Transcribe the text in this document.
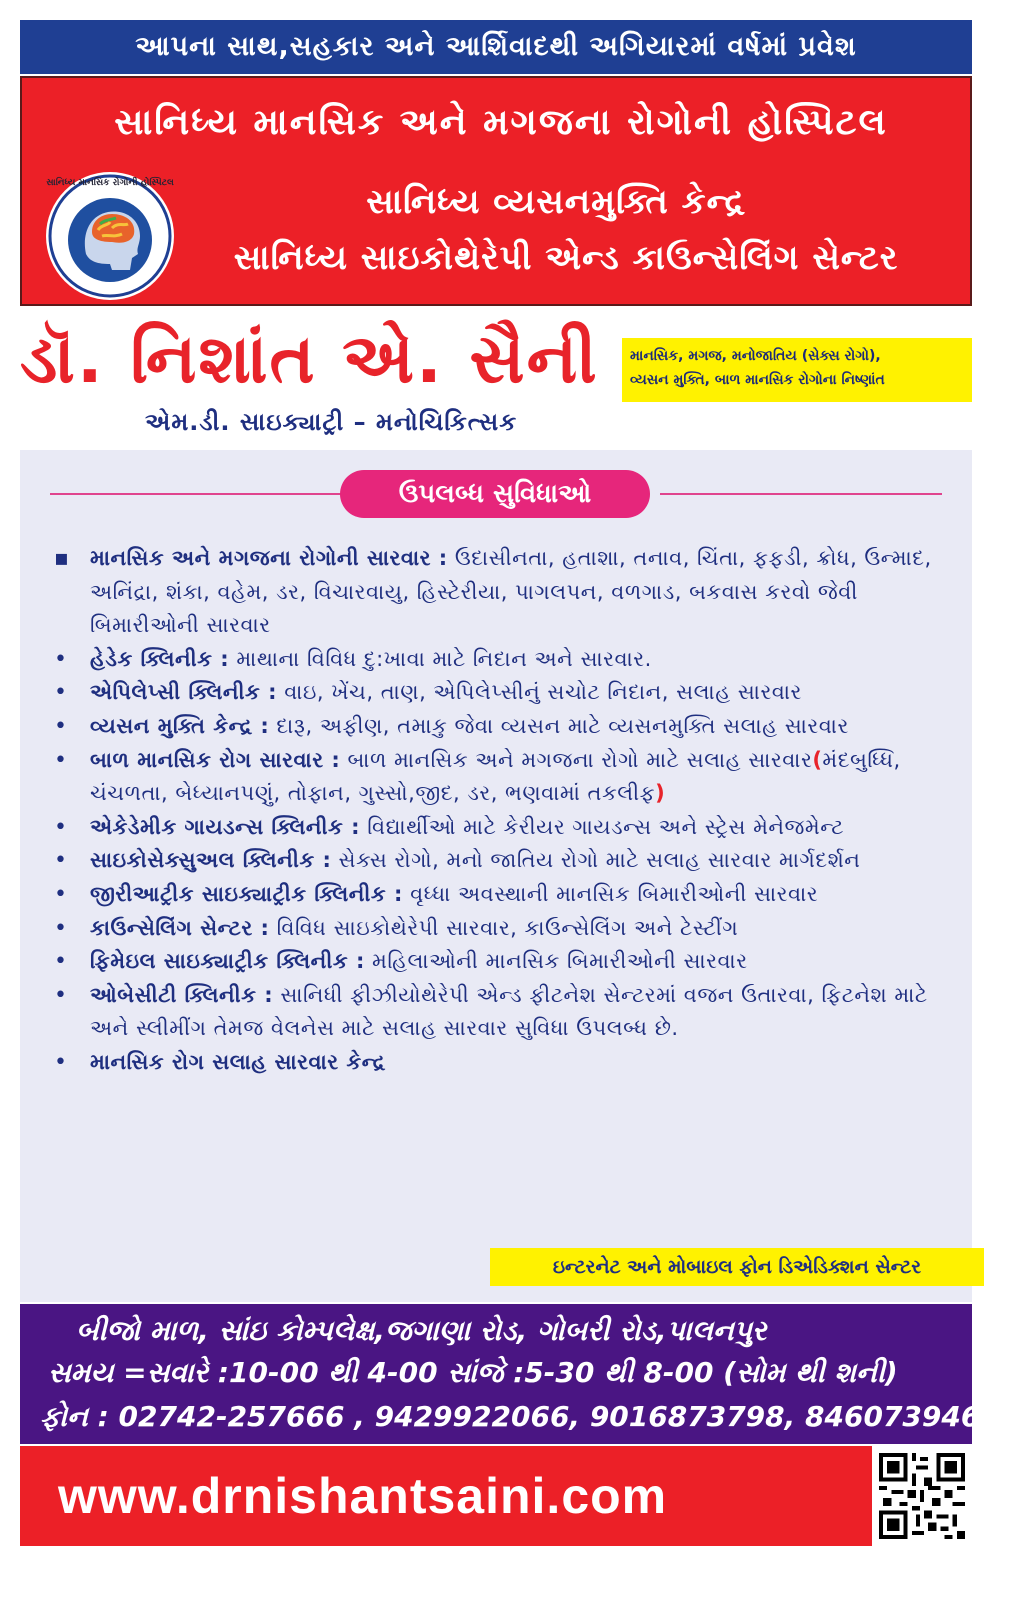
આપના સાથ,સહકાર અને આર્શિવાદથી અગિયારમાં વર્ષમાં પ્રવેશ
સાનિધ્ય માનસિક અને મગજના રોગોની હોસ્પિટલ
સાનિધ્ય માનસિક રોગોની હોસ્પિટલ	સાનિધ્ય વ્યસનમુક્તિ કેન્દ્ર
સાનિધ્ય સાઇકોથેરેપી એન્ડ કાઉન્સેલિંગ સેન્ટર
ડૉ. નિશાંત એ. સૈની	માનસિક, મગજ, મનોજાતિય (સેક્સ રોગો),
વ્યસન મુક્તિ, બાળ માનસિક રોગોના નિષ્ણાંત
એમ.ડી. સાઇક્યાટ્રી – મનોચિકિત્સક
ઉપલબ્ધ સુવિધાઓ
▪ માનસિક અને મગજના રોગોની સારવાર : ઉદાસીનતા, હતાશા, તનાવ, ચિંતા, ફફડી, ક્રોધ, ઉન્માદ, અનિંદ્રા, શંકા, વહેમ, ડર, વિચારવાયુ, હિસ્ટેરીયા, પાગલપન, વળગાડ, બકવાસ કરવો જેવી બિમારીઓની સારવાર
• હેડેક ક્લિનીક : માથાના વિવિધ દુ:ખાવા માટે નિદાન અને સારવાર.
• એપિલેપ્સી ક્લિનીક : વાઇ, ખેંચ, તાણ, એપિલેપ્સીનું સચોટ નિદાન, સલાહ સારવાર
• વ્યસન મુક્તિ કેન્દ્ર : દારૂ, અફીણ, તમાકુ જેવા વ્યસન માટે વ્યસનમુક્તિ સલાહ સારવાર
• બાળ માનસિક રોગ સારવાર : બાળ માનસિક અને મગજના રોગો માટે સલાહ સારવાર(મંદબુધ્ધિ, ચંચળતા, બેધ્યાનપણું, તોફાન, ગુસ્સો,જીદ, ડર, ભણવામાં તકલીફ)
• એકેડેમીક ગાયડન્સ ક્લિનીક : વિદ્યાર્થીઓ માટે કેરીયર ગાયડન્સ અને સ્ટ્રેસ મેનેજમેન્ટ
• સાઇકોસેક્સુઅલ ક્લિનીક : સેક્સ રોગો, મનો જાતિય રોગો માટે સલાહ સારવાર માર્ગદર્શન
• જીરીઆટ્રીક સાઇક્યાટ્રીક ક્લિનીક : વૃધ્ધા અવસ્થાની માનસિક બિમારીઓની સારવાર
• કાઉન્સેલિંગ સેન્ટર : વિવિધ સાઇકોથેરેપી સારવાર, કાઉન્સેલિંગ અને ટેસ્ટીંગ
• ફિમેઇલ સાઇક્યાટ્રીક ક્લિનીક : મહિલાઓની માનસિક બિમારીઓની સારવાર
• ઓબેસીટી ક્લિનીક : સાનિધી ફીઝીયોથેરેપી એન્ડ ફીટનેશ સેન્ટરમાં વજન ઉતારવા, ફિટનેશ માટે અને સ્લીમીંગ તેમજ વેલનેસ માટે સલાહ સારવાર સુવિધા ઉપલબ્ધ છે.
• માનસિક રોગ સલાહ સારવાર કેન્દ્ર
ઇન્ટરનેટ અને મોબાઇલ ફોન ડિએડિક્શન સેન્ટર
બીજો માળ, સાંઇ કોમ્પલેક્ષ,જગાણા રોડ, ગોબરી રોડ,પાલનપુર
સમય =સવારે :10-00 થી 4-00 સાંજે :5-30 થી 8-00 (સોમ થી શની)
ફોન : 02742-257666 , 9429922066, 9016873798, 8460739466
www.drnishantsaini.com
